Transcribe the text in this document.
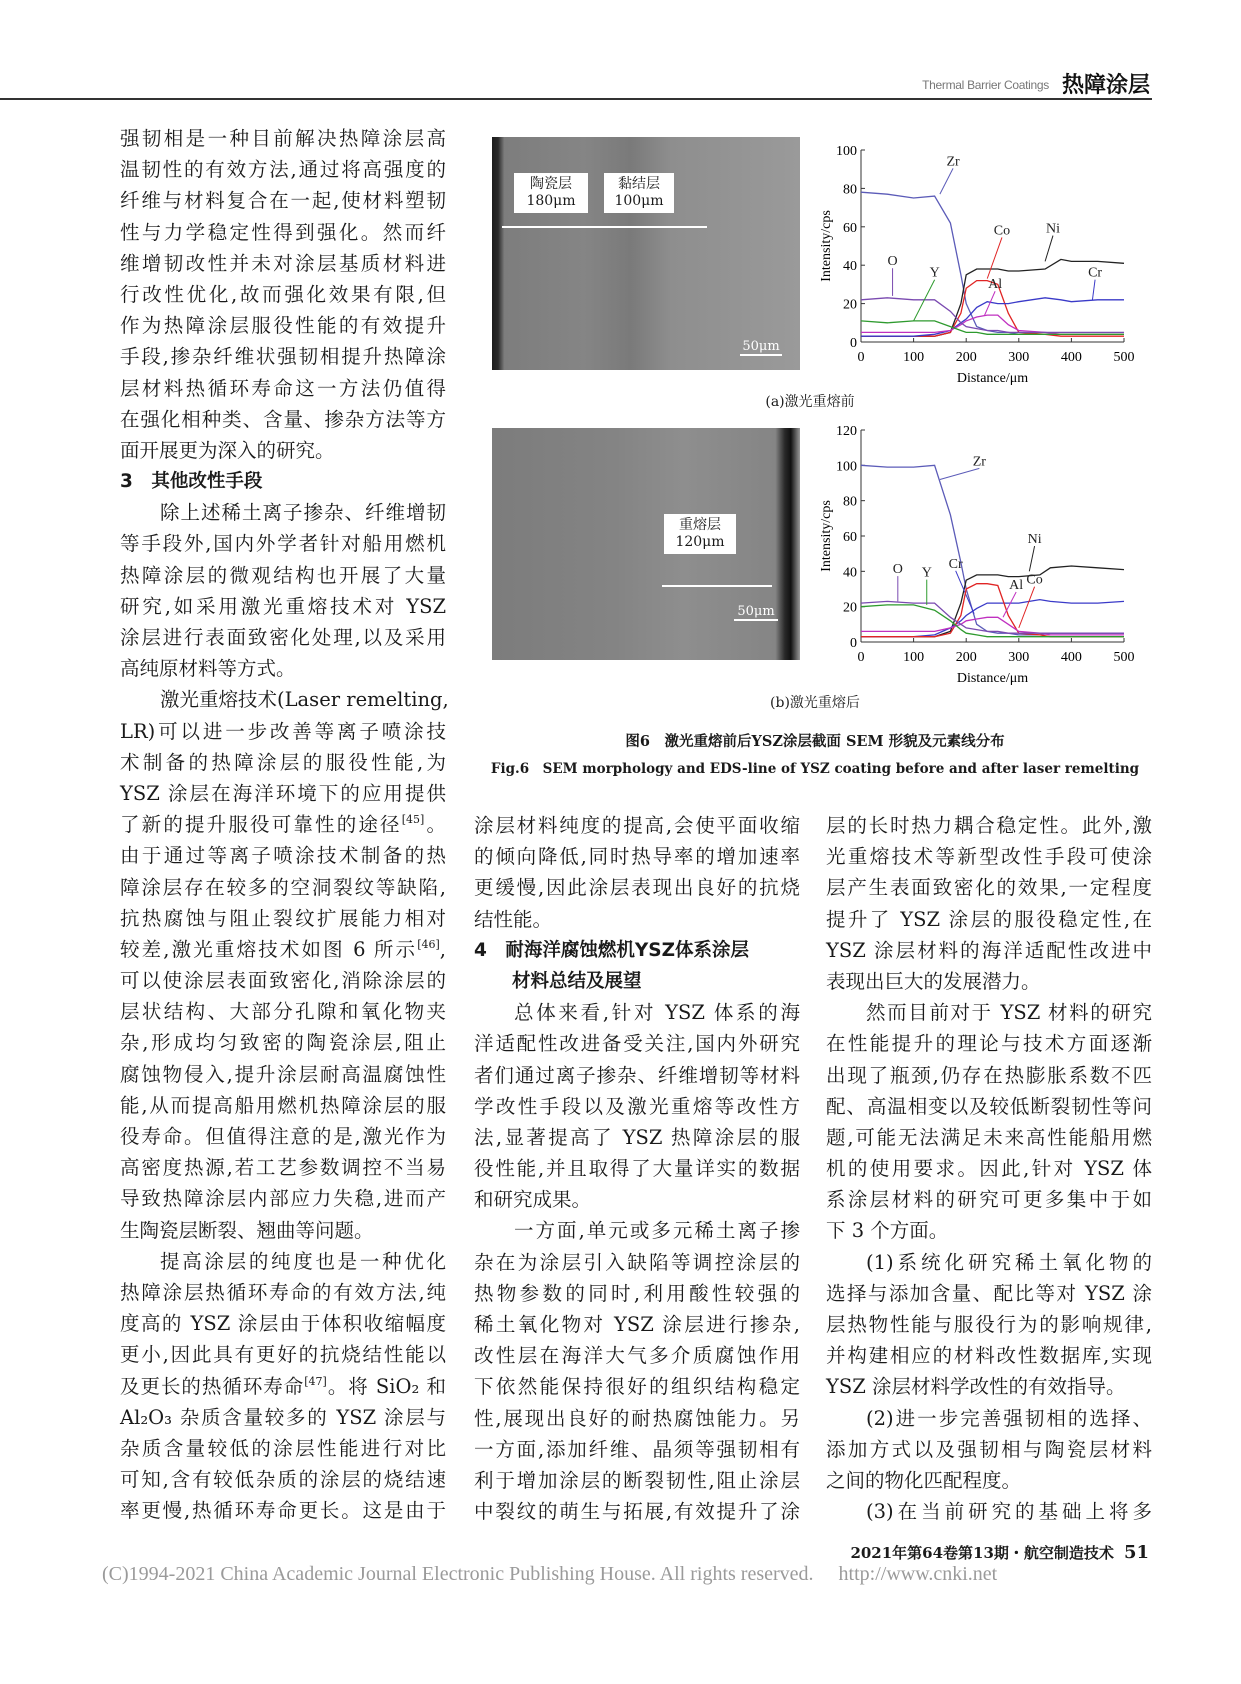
Thermal Barrier Coatings 热障涂层
强韧相是一种目前解决热障涂层高
温韧性的有效方法,通过将高强度的
纤维与材料复合在一起,使材料塑韧
性与力学稳定性得到强化。然而纤
维增韧改性并未对涂层基质材料进
行改性优化,故而强化效果有限,但
作为热障涂层服役性能的有效提升
手段,掺杂纤维状强韧相提升热障涂
层材料热循环寿命这一方法仍值得
在强化相种类、含量、掺杂方法等方
面开展更为深入的研究。
3　其他改性手段
除上述稀土离子掺杂、纤维增韧
等手段外,国内外学者针对船用燃机
热障涂层的微观结构也开展了大量
研究,如采用激光重熔技术对 YSZ
涂层进行表面致密化处理,以及采用
高纯原材料等方式。
激光重熔技术(Laser remelting,
LR)可以进一步改善等离子喷涂技
术制备的热障涂层的服役性能,为
YSZ 涂层在海洋环境下的应用提供
了新的提升服役可靠性的途径[45]。
由于通过等离子喷涂技术制备的热
障涂层存在较多的空洞裂纹等缺陷,
抗热腐蚀与阻止裂纹扩展能力相对
较差,激光重熔技术如图 6 所示[46],
可以使涂层表面致密化,消除涂层的
层状结构、大部分孔隙和氧化物夹
杂,形成均匀致密的陶瓷涂层,阻止
腐蚀物侵入,提升涂层耐高温腐蚀性
能,从而提高船用燃机热障涂层的服
役寿命。但值得注意的是,激光作为
高密度热源,若工艺参数调控不当易
导致热障涂层内部应力失稳,进而产
生陶瓷层断裂、翘曲等问题。
提高涂层的纯度也是一种优化
热障涂层热循环寿命的有效方法,纯
度高的 YSZ 涂层由于体积收缩幅度
更小,因此具有更好的抗烧结性能以
及更长的热循环寿命[47]。将 SiO₂ 和
Al₂O₃ 杂质含量较多的 YSZ 涂层与
杂质含量较低的涂层性能进行对比
可知,含有较低杂质的涂层的烧结速
率更慢,热循环寿命更长。这是由于
涂层材料纯度的提高,会使平面收缩
的倾向降低,同时热导率的增加速率
更缓慢,因此涂层表现出良好的抗烧
结性能。
4　耐海洋腐蚀燃机YSZ体系涂层
材料总结及展望
总体来看,针对 YSZ 体系的海
洋适配性改进备受关注,国内外研究
者们通过离子掺杂、纤维增韧等材料
学改性手段以及激光重熔等改性方
法,显著提高了 YSZ 热障涂层的服
役性能,并且取得了大量详实的数据
和研究成果。
一方面,单元或多元稀土离子掺
杂在为涂层引入缺陷等调控涂层的
热物参数的同时,利用酸性较强的
稀土氧化物对 YSZ 涂层进行掺杂,
改性层在海洋大气多介质腐蚀作用
下依然能保持很好的组织结构稳定
性,展现出良好的耐热腐蚀能力。另
一方面,添加纤维、晶须等强韧相有
利于增加涂层的断裂韧性,阻止涂层
中裂纹的萌生与拓展,有效提升了涂
层的长时热力耦合稳定性。此外,激
光重熔技术等新型改性手段可使涂
层产生表面致密化的效果,一定程度
提升了 YSZ 涂层的服役稳定性,在
YSZ 涂层材料的海洋适配性改进中
表现出巨大的发展潜力。
然而目前对于 YSZ 材料的研究
在性能提升的理论与技术方面逐渐
出现了瓶颈,仍存在热膨胀系数不匹
配、高温相变以及较低断裂韧性等问
题,可能无法满足未来高性能船用燃
机的使用要求。因此,针对 YSZ 体
系涂层材料的研究可更多集中于如
下 3 个方面。
(1)系统化研究稀土氧化物的
选择与添加含量、配比等对 YSZ 涂
层热物性能与服役行为的影响规律,
并构建相应的材料改性数据库,实现
YSZ 涂层材料学改性的有效指导。
(2)进一步完善强韧相的选择、
添加方式以及强韧相与陶瓷层材料
之间的物化匹配程度。
(3)在当前研究的基础上将多
陶瓷层
180μm
黏结层
100μm
50μm
重熔层
120μm
50μm
0
20
40
60
80
100
0	100 200 300 400 500
Distance/μm
Intensity/cps
Zr
Ni
Co
Cr
Al
O
Y
0
20
40
60
80
100
120
0	100 200 300 400 500
Distance/μm
Intensity/cps
Zr
Ni
Cr
Co
Al
O Y
(a)激光重熔前
(b)激光重熔后
图6　激光重熔前后YSZ涂层截面 SEM 形貌及元素线分布
Fig.6　SEM morphology and EDS-line of YSZ coating before and after laser remelting
2021年第64卷第13期・航空制造技术 51
(C)1994-2021 China Academic Journal Electronic Publishing House. All rights reserved.　 http://www.cnki.net
